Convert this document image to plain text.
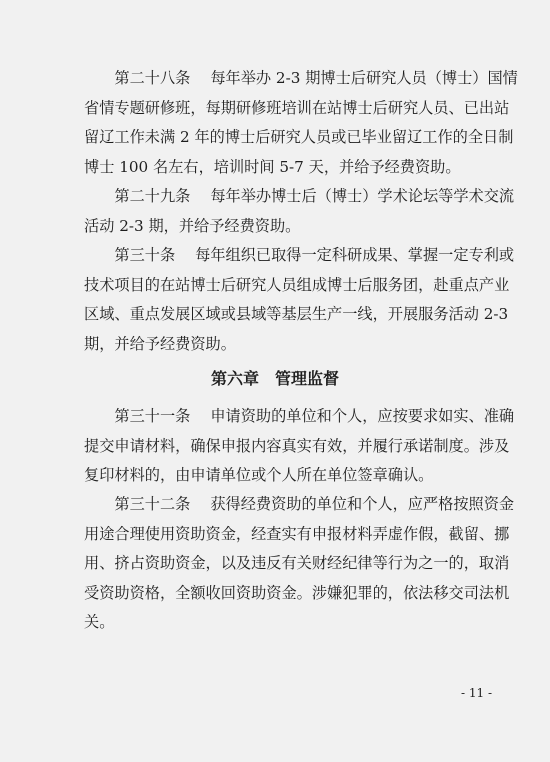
　　第二十八条　 每年举办 2-3 期博士后研究人员（博士）国情
省情专题研修班，每期研修班培训在站博士后研究人员、已出站
留辽工作未满 2 年的博士后研究人员或已毕业留辽工作的全日制
博士 100 名左右，培训时间 5-7 天，并给予经费资助。
　　第二十九条　 每年举办博士后（博士）学术论坛等学术交流
活动 2-3 期，并给予经费资助。
　　第三十条　 每年组织已取得一定科研成果、掌握一定专利或
技术项目的在站博士后研究人员组成博士后服务团，赴重点产业
区域、重点发展区域或县域等基层生产一线，开展服务活动 2-3
期，并给予经费资助。
第六章　管理监督
　　第三十一条　 申请资助的单位和个人，应按要求如实、准确
提交申请材料，确保申报内容真实有效，并履行承诺制度。涉及
复印材料的，由申请单位或个人所在单位签章确认。
　　第三十二条　 获得经费资助的单位和个人，应严格按照资金
用途合理使用资助资金，经查实有申报材料弄虚作假，截留、挪
用、挤占资助资金，以及违反有关财经纪律等行为之一的，取消
受资助资格，全额收回资助资金。涉嫌犯罪的，依法移交司法机
关。
- 11 -
